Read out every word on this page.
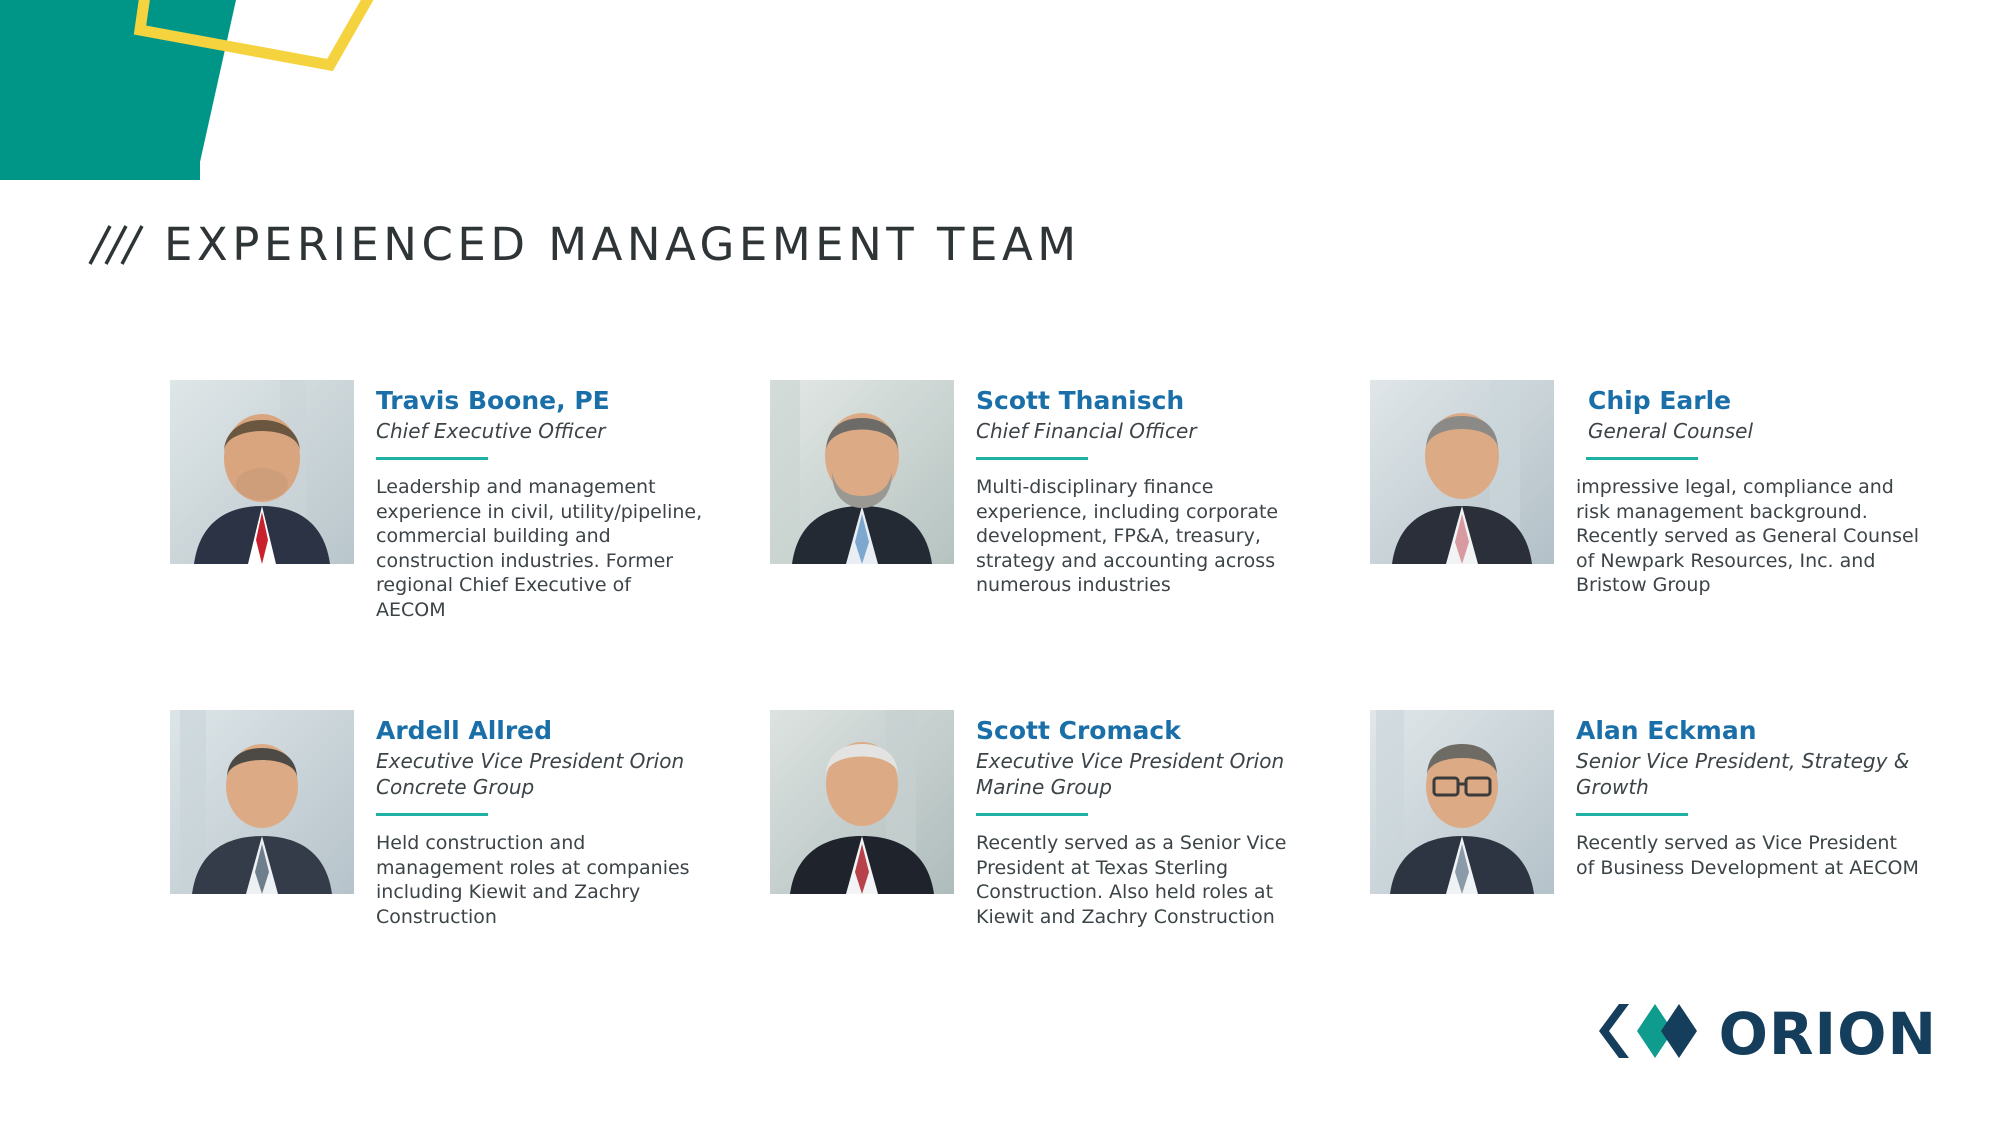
EXPERIENCED MANAGEMENT TEAM

Travis Boone, PE

Chief Executive Officer

Leadership and management experience in civil, utility/pipeline, commercial building and construction industries. Former regional Chief Executive of AECOM

Scott Thanisch

Chief Financial Officer

Multi-disciplinary finance experience, including corporate development, FP&A, treasury, strategy and accounting across numerous industries

Chip Earle

General Counsel

impressive legal, compliance and risk management background. Recently served as General Counsel of Newpark Resources, Inc. and Bristow Group

Ardell Allred

Executive Vice President Orion Concrete Group

Held construction and management roles at companies including Kiewit and Zachry Construction

Scott Cromack

Executive Vice President Orion Marine Group

Recently served as a Senior Vice President at Texas Sterling Construction. Also held roles at Kiewit and Zachry Construction

Alan Eckman

Senior Vice President, Strategy & Growth

Recently served as Vice President of Business Development at AECOM

ORION
